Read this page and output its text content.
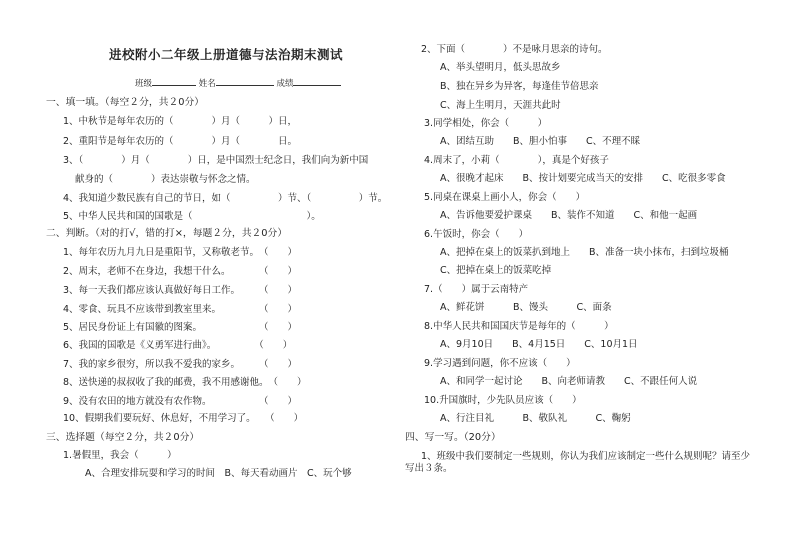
进校附小二年级上册道德与法治期末测试
班级	姓名	成绩
一、填一填。（每空２分，共２0分）
1、中秋节是每年农历的（　　　　）月（　　　）日，
2、重阳节是每年农历的（　　　　）月（　　　　日。
3、（　　　　）月（　　　　）日，是中国烈士纪念日，我们向为新中国
献身的（　　　　）表达崇敬与怀念之情。
4、我知道少数民族有自己的节日，如（　　　　　）节、（　　　　　）节。
5、中华人民共和国的国歌是（　　　　　　　　　　　　）。
二、判断。（对的打√，错的打×，每题２分，共２0分）
1、每年农历九月九日是重阳节，又称敬老节。　（　　）
2、周末，老师不在身边，我想干什么。　　　　（　　）
3、每一天我们都应该认真做好每日工作。　　　（　　）
4、零食、玩具不应该带到教室里来。　　　　　（　　）
5、居民身份证上有国徽的图案。　　　　　　　（　　）
6、我国的国歌是《义勇军进行曲》。　　　　　（　　）
7、我的家乡很穷，所以我不爱我的家乡。　　　（　　）
8、送快递的叔叔收了我的邮费，我不用感谢他。　（　　）
9、没有农田的地方就没有农作物。　　　　　　（　　）
10、假期我们要玩好、休息好，不用学习了。　　（　　）
三、选择题（每空２分，共２0分）
1.暑假里，我会（　　　）
A、合理安排玩耍和学习的时间　B、每天看动画片　C、玩个够
2、下面（　　　　）不是咏月思亲的诗句。
A、举头望明月，低头思故乡
B、独在异乡为异客，每逢佳节倍思亲
C、海上生明月，天涯共此时
3.同学相处，你会（　　　）
A、团结互助　　B、胆小怕事　　C、不理不睬
4.周末了，小莉（　　　　），真是个好孩子
A、很晚才起床　　B、按计划要完成当天的安排　　C、吃很多零食
5.同桌在课桌上画小人，你会（　　）
A、告诉他要爱护课桌　　B、装作不知道　　C、和他一起画
6.午饭时，你会（　　）
A、把掉在桌上的饭菜扒到地上　　B、准备一块小抹布，扫到垃圾桶
C、把掉在桌上的饭菜吃掉
7.（　　）属于云南特产
A、鲜花饼　　　B、馒头　　　C、面条
8.中华人民共和国国庆节是每年的（　　　）
A、9月10日　　B、4月15日　　C、10月1日
9.学习遇到问题，你不应该（　　）
A、和同学一起讨论　　B、向老师请教　　C、不跟任何人说
10.升国旗时，少先队员应该（　　）
A、行注目礼　　　B、敬队礼　　　C、鞠躬
四、写一写。（20分）
1、班级中我们要制定一些规则，你认为我们应该制定一些什么规则呢？请至少
写出３条。
